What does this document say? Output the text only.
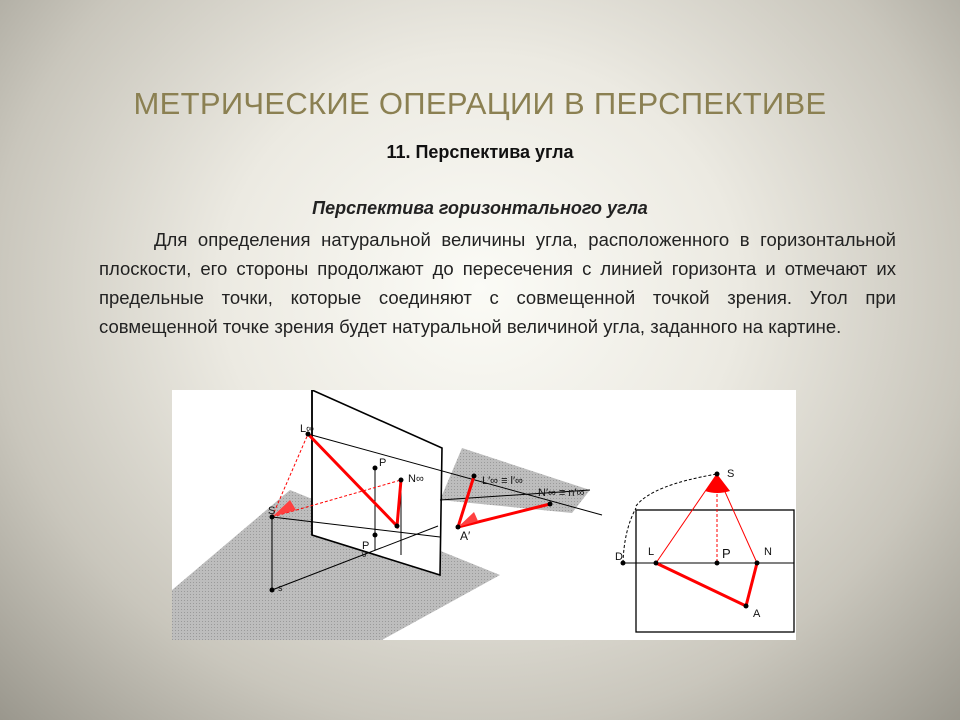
МЕТРИЧЕСКИЕ ОПЕРАЦИИ В ПЕРСПЕКТИВЕ
11. Перспектива угла
Перспектива горизонтального угла

Для определения натуральной величины угла, расположенного в горизонтальной плоскости, его стороны продолжают до пересечения с линией горизонта и отмечают их предельные точки, которые соединяют с совмещенной точкой зрения. Угол при совмещенной точке зрения будет натуральной величиной угла, заданного на картине.

L∞
P
N∞
S
P
0
s
L′∞ ≡ l′∞
N′∞ ≡ n′∞
A′
S
D L	P	N
A
